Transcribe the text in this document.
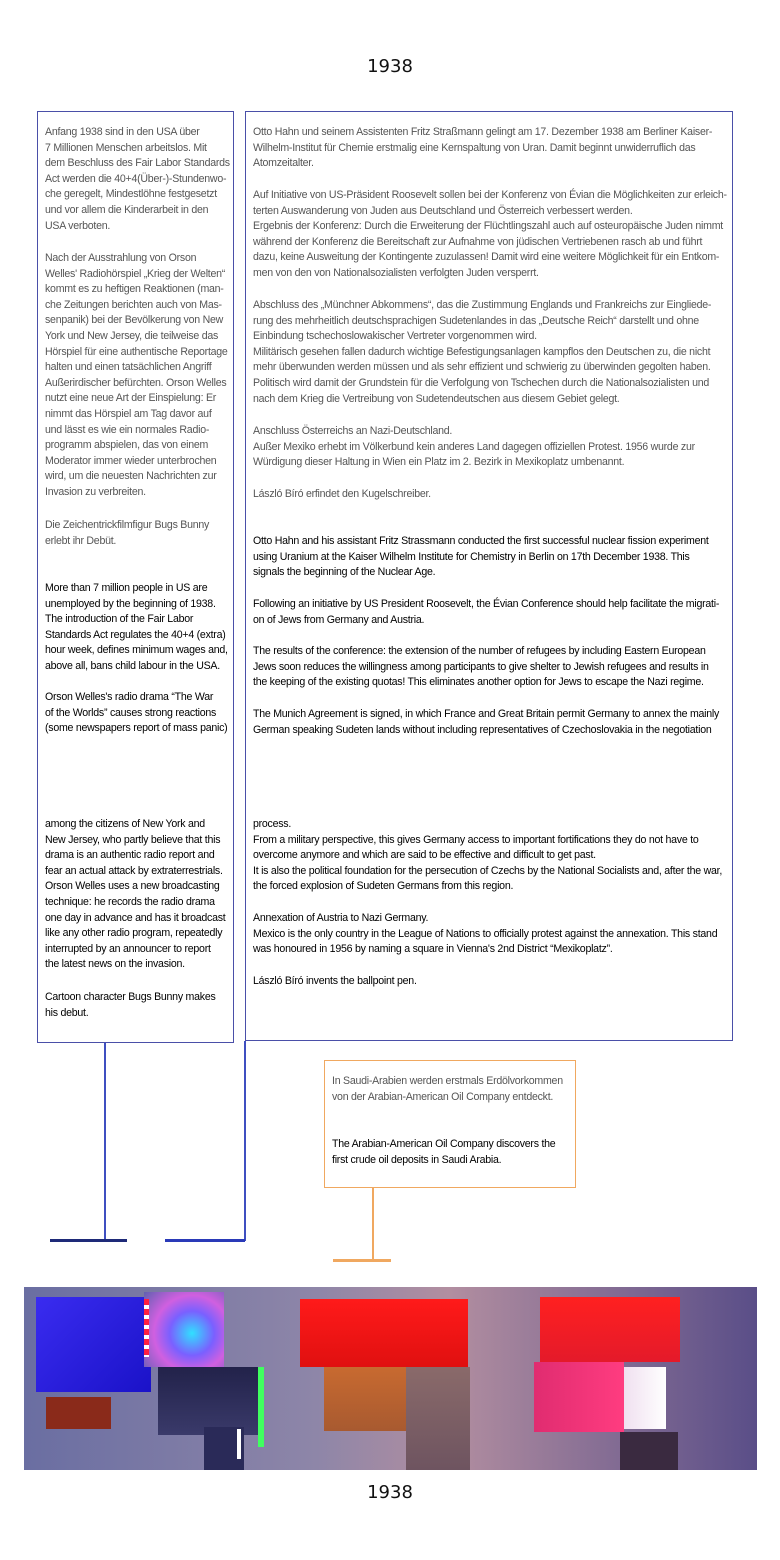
1938

Anfang 1938 sind in den USA über
7 Millionen Menschen arbeitslos. Mit
dem Beschluss des Fair Labor Standards
Act werden die 40+4(Über-)-Stundenwo-
che geregelt, Mindestlöhne festgesetzt
und vor allem die Kinderarbeit in den
USA verboten.

Nach der Ausstrahlung von Orson
Welles' Radiohörspiel „Krieg der Welten“
kommt es zu heftigen Reaktionen (man-
che Zeitungen berichten auch von Mas-
senpanik) bei der Bevölkerung von New
York und New Jersey, die teilweise das
Hörspiel für eine authentische Reportage
halten und einen tatsächlichen Angriff
Außerirdischer befürchten. Orson Welles
nutzt eine neue Art der Einspielung: Er
nimmt das Hörspiel am Tag davor auf
und lässt es wie ein normales Radio-
programm abspielen, das von einem
Moderator immer wieder unterbrochen
wird, um die neuesten Nachrichten zur
Invasion zu verbreiten.

Die Zeichentrickfilmfigur Bugs Bunny
erlebt ihr Debüt.

More than 7 million people in US are
unemployed by the beginning of 1938.
The introduction of the Fair Labor
Standards Act regulates the 40+4 (extra)
hour week, defines minimum wages and,
above all, bans child labour in the USA.

Orson Welles's radio drama “The War
of the Worlds” causes strong reactions
(some newspapers report of mass panic)

among the citizens of New York and
New Jersey, who partly believe that this
drama is an authentic radio report and
fear an actual attack by extraterrestrials.
Orson Welles uses a new broadcasting
technique: he records the radio drama
one day in advance and has it broadcast
like any other radio program, repeatedly
interrupted by an announcer to report
the latest news on the invasion.

Cartoon character Bugs Bunny makes
his debut.

Otto Hahn und seinem Assistenten Fritz Straßmann gelingt am 17. Dezember 1938 am Berliner Kaiser-
Wilhelm-Institut für Chemie erstmalig eine Kernspaltung von Uran. Damit beginnt unwiderruflich das
Atomzeitalter.

Auf Initiative von US-Präsident Roosevelt sollen bei der Konferenz von Évian die Möglichkeiten zur erleich-
terten Auswanderung von Juden aus Deutschland und Österreich verbessert werden.
Ergebnis der Konferenz: Durch die Erweiterung der Flüchtlingszahl auch auf osteuropäische Juden nimmt
während der Konferenz die Bereitschaft zur Aufnahme von jüdischen Vertriebenen rasch ab und führt
dazu, keine Ausweitung der Kontingente zuzulassen! Damit wird eine weitere Möglichkeit für ein Entkom-
men von den von Nationalsozialisten verfolgten Juden versperrt.

Abschluss des „Münchner Abkommens“, das die Zustimmung Englands und Frankreichs zur Eingliede-
rung des mehrheitlich deutschsprachigen Sudetenlandes in das „Deutsche Reich“ darstellt und ohne
Einbindung tschechoslowakischer Vertreter vorgenommen wird.
Militärisch gesehen fallen dadurch wichtige Befestigungsanlagen kampflos den Deutschen zu, die nicht
mehr überwunden werden müssen und als sehr effizient und schwierig zu überwinden gegolten haben.
Politisch wird damit der Grundstein für die Verfolgung von Tschechen durch die Nationalsozialisten und
nach dem Krieg die Vertreibung von Sudetendeutschen aus diesem Gebiet gelegt.

Anschluss Österreichs an Nazi-Deutschland.
Außer Mexiko erhebt im Völkerbund kein anderes Land dagegen offiziellen Protest. 1956 wurde zur
Würdigung dieser Haltung in Wien ein Platz im 2. Bezirk in Mexikoplatz umbenannt.

László Bíró erfindet den Kugelschreiber.

Otto Hahn and his assistant Fritz Strassmann conducted the first successful nuclear fission experiment
using Uranium at the Kaiser Wilhelm Institute for Chemistry in Berlin on 17th December 1938. This
signals the beginning of the Nuclear Age.

Following an initiative by US President Roosevelt, the Évian Conference should help facilitate the migrati-
on of Jews from Germany and Austria.

The results of the conference: the extension of the number of refugees by including Eastern European
Jews soon reduces the willingness among participants to give shelter to Jewish refugees and results in
the keeping of the existing quotas! This eliminates another option for Jews to escape the Nazi regime.

The Munich Agreement is signed, in which France and Great Britain permit Germany to annex the mainly
German speaking Sudeten lands without including representatives of Czechoslovakia in the negotiation

process.
From a military perspective, this gives Germany access to important fortifications they do not have to
overcome anymore and which are said to be effective and difficult to get past.
It is also the political foundation for the persecution of Czechs by the National Socialists and, after the war,
the forced explosion of Sudeten Germans from this region.

Annexation of Austria to Nazi Germany.
Mexico is the only country in the League of Nations to officially protest against the annexation. This stand
was honoured in 1956 by naming a square in Vienna's 2nd District “Mexikoplatz”.

László Bíró invents the ballpoint pen.

In Saudi-Arabien werden erstmals Erdölvorkommen
von der Arabian-American Oil Company entdeckt.

The Arabian-American Oil Company discovers the
first crude oil deposits in Saudi Arabia.

1938
